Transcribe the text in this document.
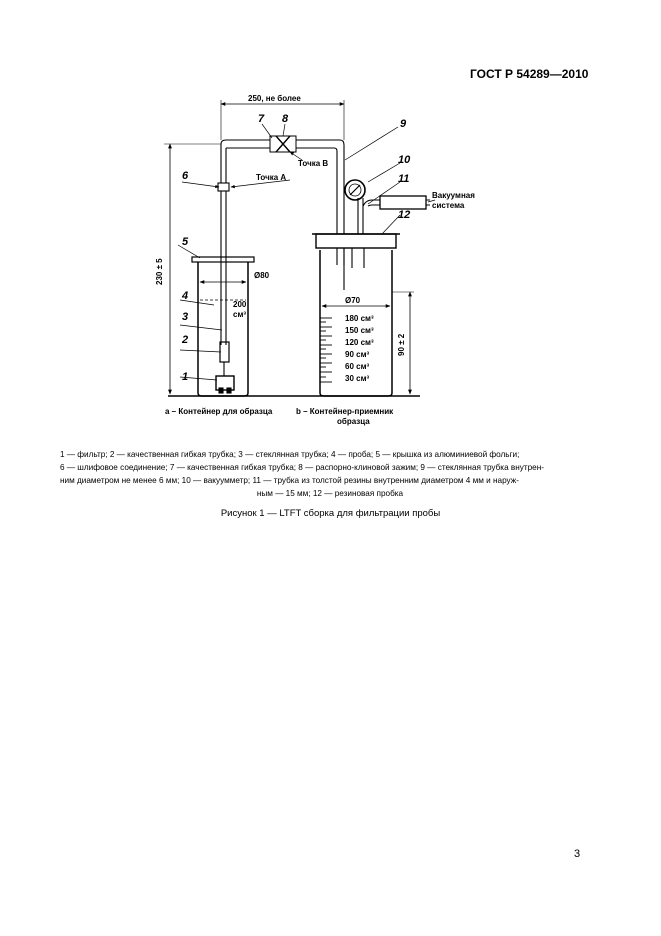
ГОСТ Р 54289—2010
250, не более
230 ± 5
90 ± 2
Ø80
Ø70
200
см³
Точка А
Точка В
Вакуумная
система
1
2
3
4
5
6
7 8	9
10
11
12
180 см³
150 см³
120 см³
90 см³
60 см³
30 см³
а – Контейнер для образца	b – Контейнер-приемник
образца

1 — фильтр; 2 — качественная гибкая трубка; 3 — стеклянная трубка; 4 — проба; 5 — крышка из алюминиевой фольги;

6 — шлифовое соединение; 7 — качественная гибкая трубка; 8 — распорно-клиновой зажим; 9 — стеклянная трубка внутрен-

ним диаметром не менее 6 мм; 10 — вакуумметр; 11 — трубка из толстой резины внутренним диаметром 4 мм и наруж-

ным — 15 мм; 12 — резиновая пробка

Рисунок 1 — LTFT сборка для фильтрации пробы
3
